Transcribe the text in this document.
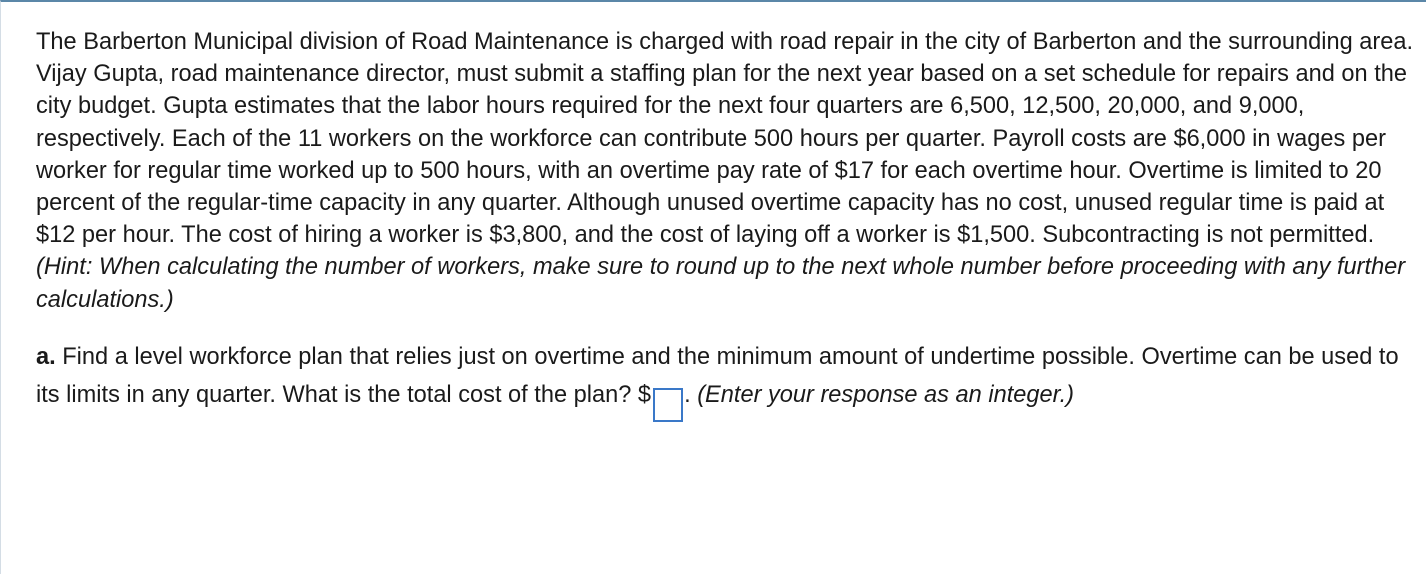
The Barberton Municipal division of Road Maintenance is charged with road repair in the city of Barberton and the surrounding area. Vijay Gupta, road maintenance director, must submit a staffing plan for the next year based on a set schedule for repairs and on the city budget. Gupta estimates that the labor hours required for the next four quarters are 6,500, 12,500, 20,000, and 9,000, respectively. Each of the 11 workers on the workforce can contribute 500 hours per quarter. Payroll costs are $6,000 in wages per worker for regular time worked up to 500 hours, with an overtime pay rate of $17 for each overtime hour. Overtime is limited to 20 percent of the regular-time capacity in any quarter. Although unused overtime capacity has no cost, unused regular time is paid at $12 per hour. The cost of hiring a worker is $3,800, and the cost of laying off a worker is $1,500. Subcontracting is not permitted. (Hint: When calculating the number of workers, make sure to round up to the next whole number before proceeding with any further calculations.)

a. Find a level workforce plan that relies just on overtime and the minimum amount of undertime possible. Overtime can be used to its limits in any quarter. What is the total cost of the plan? $ . (Enter your response as an integer.)
